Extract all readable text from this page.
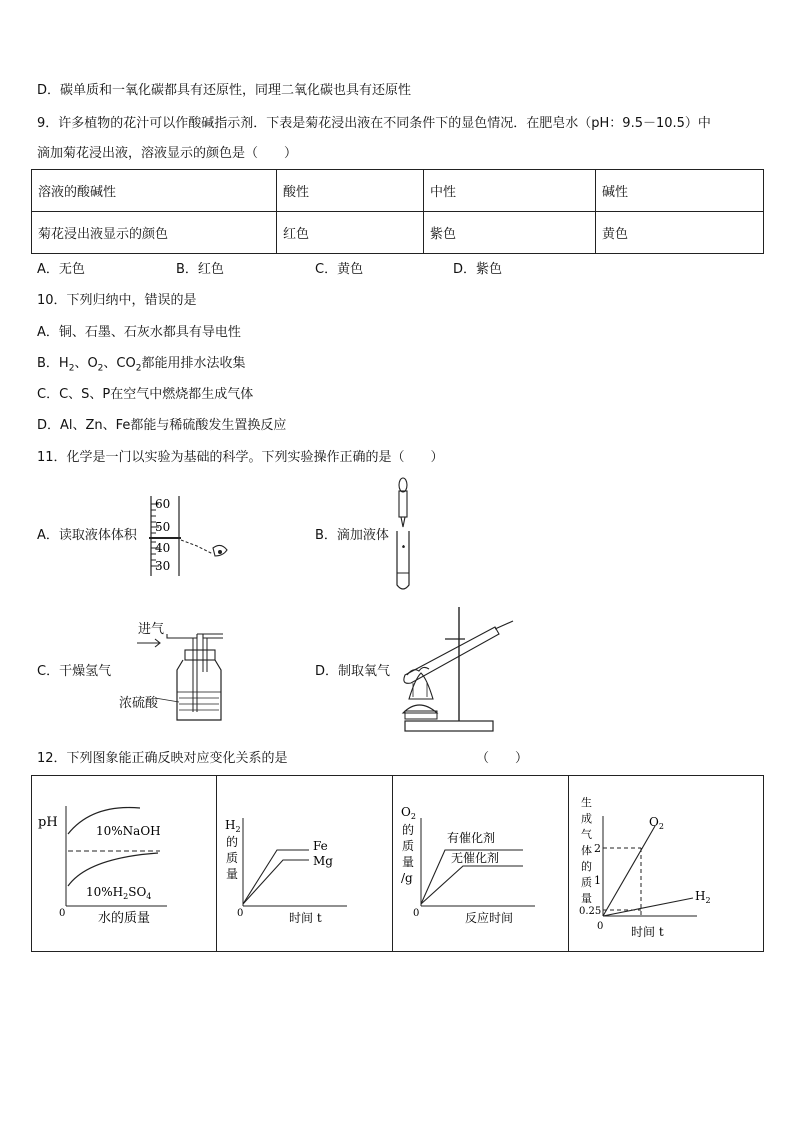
D．碳单质和一氧化碳都具有还原性，同理二氧化碳也具有还原性
9．许多植物的花汁可以作酸碱指示剂．下表是菊花浸出液在不同条件下的显色情况．在肥皂水（pH：9.5－10.5）中
滴加菊花浸出液，溶液显示的颜色是（　　）
溶液的酸碱性	酸性	中性	碱性
菊花浸出液显示的颜色	红色	紫色	黄色
A．无色	B．红色	C．黄色	D．紫色
10．下列归纳中，错误的是
A．铜、石墨、石灰水都具有导电性
B．$H_2$、$O_2$、$CO_2$都能用排水法收集
C．C、S、P在空气中燃烧都生成气体
D．Al、Zn、Fe都能与稀硫酸发生置换反应
11．化学是一门以实验为基础的科学。下列实验操作正确的是（　　）
A．读取液体体积
60
50
40
30
B．滴加液体
C．干燥氢气
进气
浓硫酸
D．制取氧气
12．下列图象能正确反映对应变化关系的是	（　　）
pH
10%NaOH
$10\%H_2SO_4$
0	水的质量
$H_2$
的
质
量
Fe
Mg
0	时间 t
$O_2$
的
质
量
/g
有催化剂
无催化剂
0	反应时间
生
成
气
体
的
质
量
2
1
0.25
0
$O_2$
$H_2$
时间 t
